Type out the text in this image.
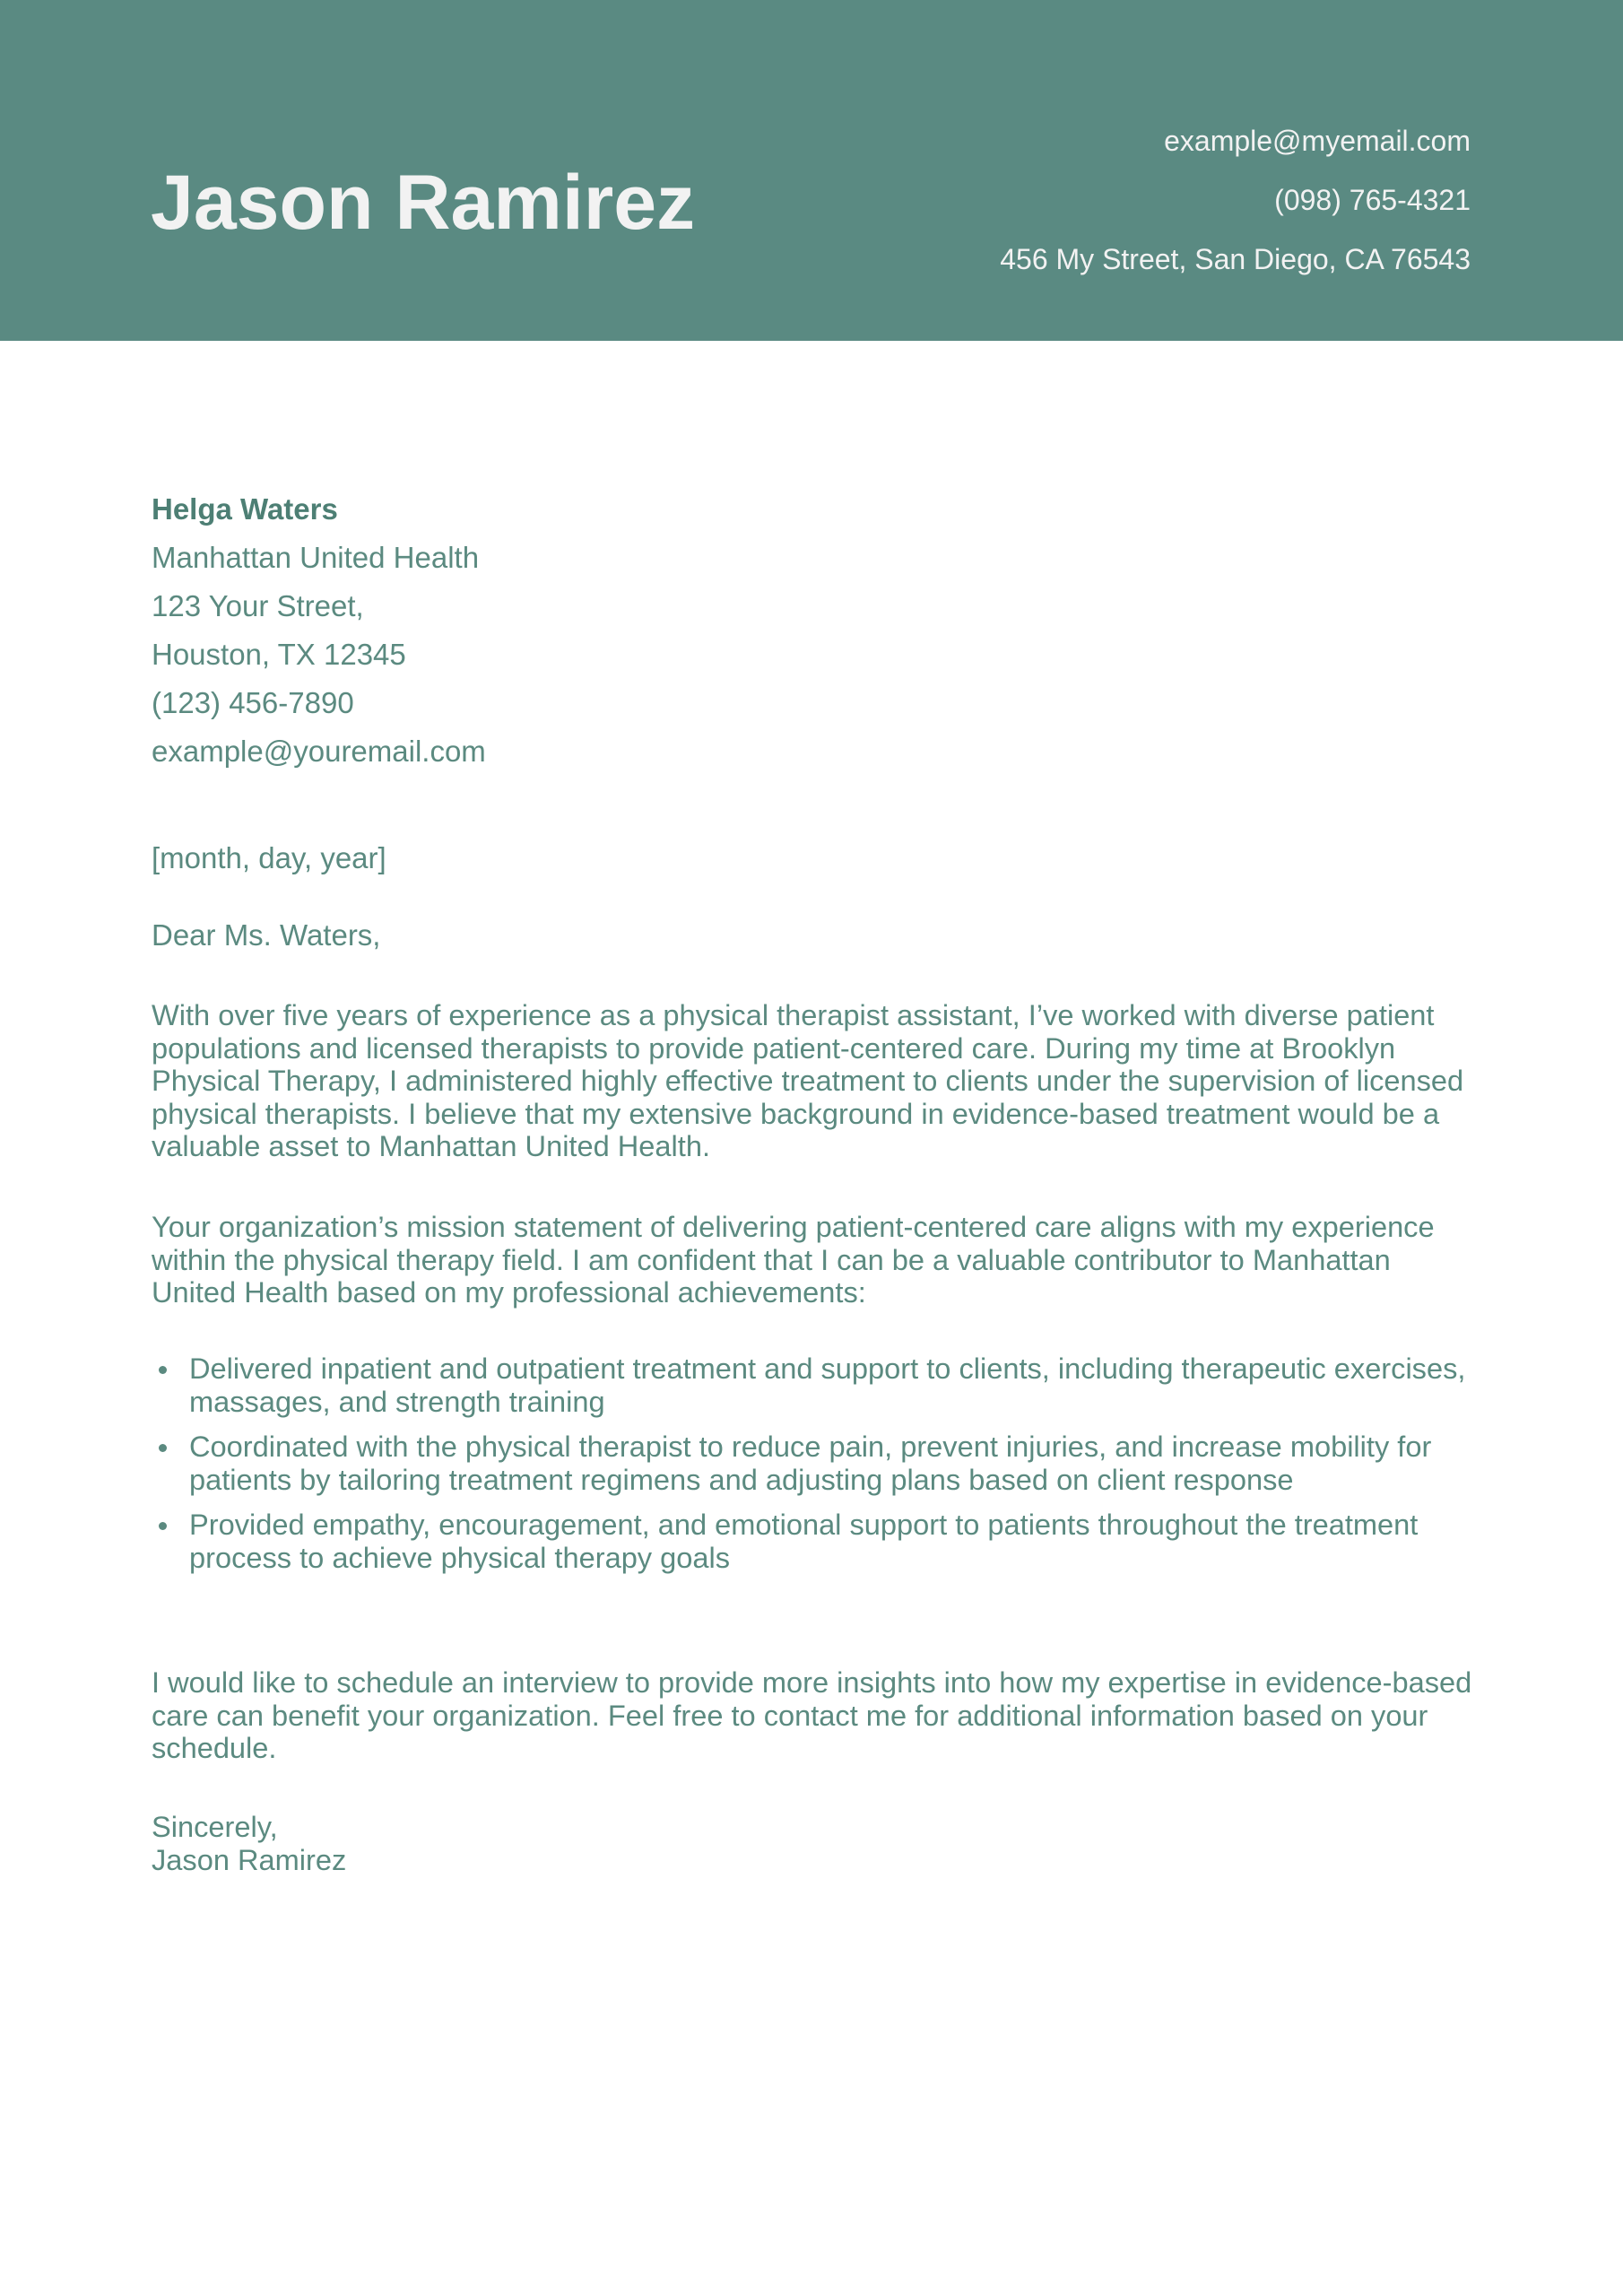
Jason Ramirez
example@myemail.com
(098) 765-4321
456 My Street, San Diego, CA 76543
Helga Waters
Manhattan United Health
123 Your Street,
Houston, TX 12345
(123) 456-7890
example@youremail.com
[month, day, year]
Dear Ms. Waters,

With over five years of experience as a physical therapist assistant, I’ve worked with diverse patient populations and licensed therapists to provide patient-centered care. During my time at Brooklyn Physical Therapy, I administered highly effective treatment to clients under the supervision of licensed physical therapists. I believe that my extensive background in evidence-based treatment would be a valuable asset to Manhattan United Health.

Your organization’s mission statement of delivering patient-centered care aligns with my experience within the physical therapy field. I am confident that I can be a valuable contributor to Manhattan United Health based on my professional achievements:

Delivered inpatient and outpatient treatment and support to clients, including therapeutic exercises, massages, and strength training
Coordinated with the physical therapist to reduce pain, prevent injuries, and increase mobility for patients by tailoring treatment regimens and adjusting plans based on client response
Provided empathy, encouragement, and emotional support to patients throughout the treatment process to achieve physical therapy goals

I would like to schedule an interview to provide more insights into how my expertise in evidence-based care can benefit your organization. Feel free to contact me for additional information based on your schedule.

Sincerely,
Jason Ramirez
